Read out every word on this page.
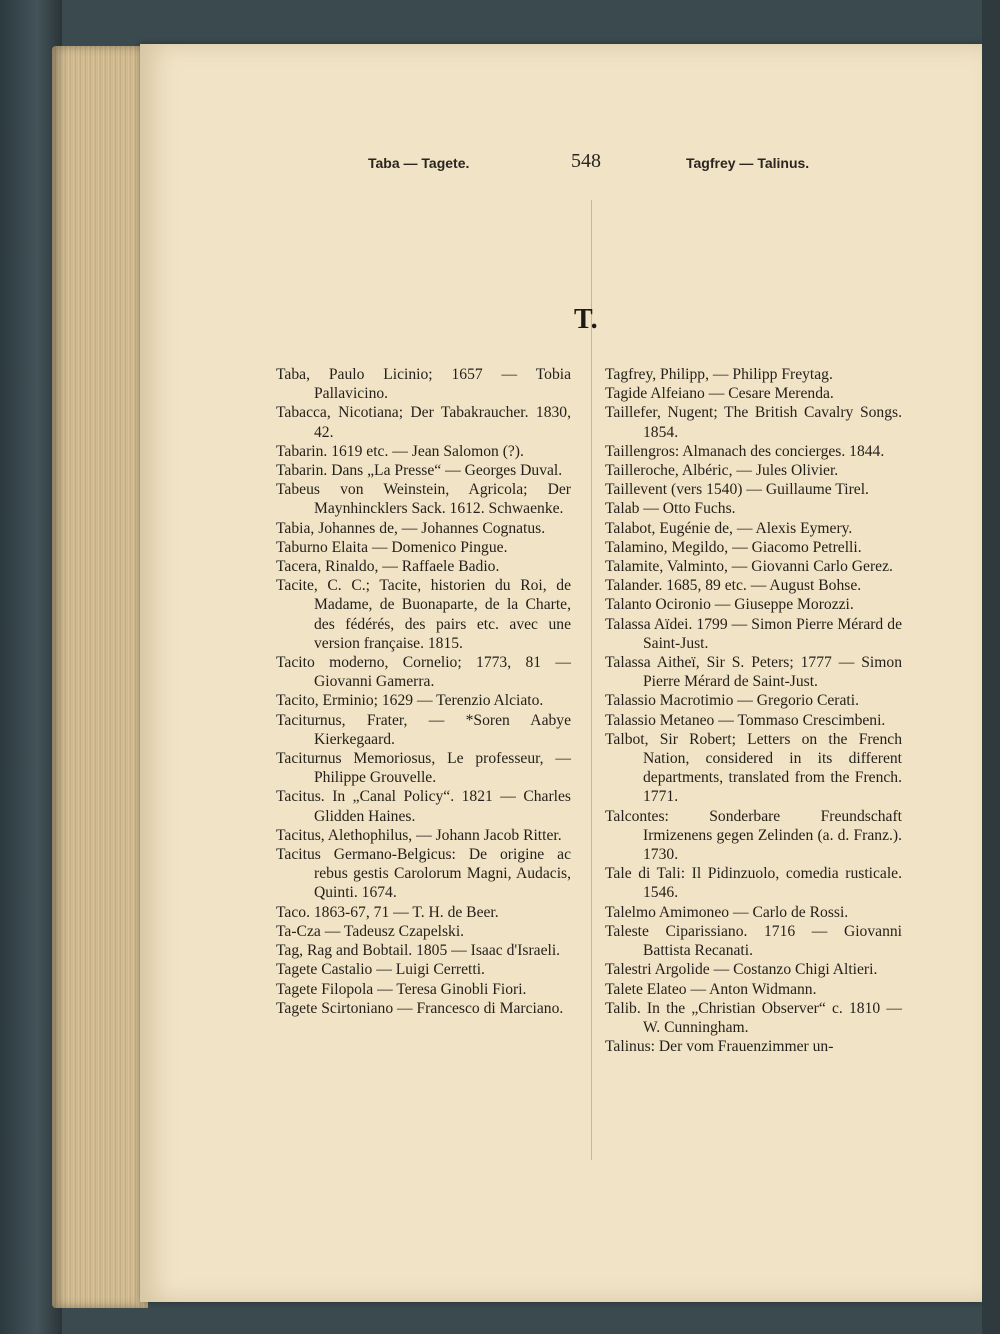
Taba — Tagete.	548	Tagfrey — Talinus.
T.

Taba, Paulo Licinio; 1657 — Tobia Pallavicino.

Tabacca, Nicotiana; Der Tabakraucher. 1830, 42.

Tabarin. 1619 etc. — Jean Salomon (?).

Tabarin. Dans „La Presse“ — Georges Duval.

Tabeus von Weinstein, Agricola; Der Maynhincklers Sack. 1612. Schwaenke.

Tabia, Johannes de, — Johannes Cognatus.

Taburno Elaita — Domenico Pingue.

Tacera, Rinaldo, — Raffaele Badio.

Tacite, C. C.; Tacite, historien du Roi, de Madame, de Buonaparte, de la Charte, des fédérés, des pairs etc. avec une version française. 1815.

Tacito moderno, Cornelio; 1773, 81 — Giovanni Gamerra.

Tacito, Erminio; 1629 — Terenzio Alciato.

Taciturnus, Frater, — *Soren Aabye Kierkegaard.

Taciturnus Memoriosus, Le professeur, — Philippe Grouvelle.

Tacitus. In „Canal Policy“. 1821 — Charles Glidden Haines.

Tacitus, Alethophilus, — Johann Jacob Ritter.

Tacitus Germano-Belgicus: De origine ac rebus gestis Carolorum Magni, Audacis, Quinti. 1674.

Taco. 1863-67, 71 — T. H. de Beer.

Ta-Cza — Tadeusz Czapelski.

Tag, Rag and Bobtail. 1805 — Isaac d'Israeli.

Tagete Castalio — Luigi Cerretti.

Tagete Filopola — Teresa Ginobli Fiori.

Tagete Scirtoniano — Francesco di Marciano.

Tagfrey, Philipp, — Philipp Freytag.

Tagide Alfeiano — Cesare Merenda.

Taillefer, Nugent; The British Cavalry Songs. 1854.

Taillengros: Almanach des concierges. 1844.

Tailleroche, Albéric, — Jules Olivier.

Taillevent (vers 1540) — Guillaume Tirel.

Talab — Otto Fuchs.

Talabot, Eugénie de, — Alexis Eymery.

Talamino, Megildo, — Giacomo Petrelli.

Talamite, Valminto, — Giovanni Carlo Gerez.

Talander. 1685, 89 etc. — August Bohse.

Talanto Ocironio — Giuseppe Morozzi.

Talassa Aïdei. 1799 — Simon Pierre Mérard de Saint-Just.

Talassa Aitheï, Sir S. Peters; 1777 — Simon Pierre Mérard de Saint-Just.

Talassio Macrotimio — Gregorio Cerati.

Talassio Metaneo — Tommaso Crescimbeni.

Talbot, Sir Robert; Letters on the French Nation, considered in its different departments, translated from the French. 1771.

Talcontes: Sonderbare Freundschaft Irmizenens gegen Zelinden (a. d. Franz.). 1730.

Tale di Tali: Il Pidinzuolo, comedia rusticale. 1546.

Talelmo Amimoneo — Carlo de Rossi.

Taleste Ciparissiano. 1716 — Giovanni Battista Recanati.

Talestri Argolide — Costanzo Chigi Altieri.

Talete Elateo — Anton Widmann.

Talib. In the „Christian Observer“ c. 1810 — W. Cunningham.

Talinus: Der vom Frauenzimmer un-
